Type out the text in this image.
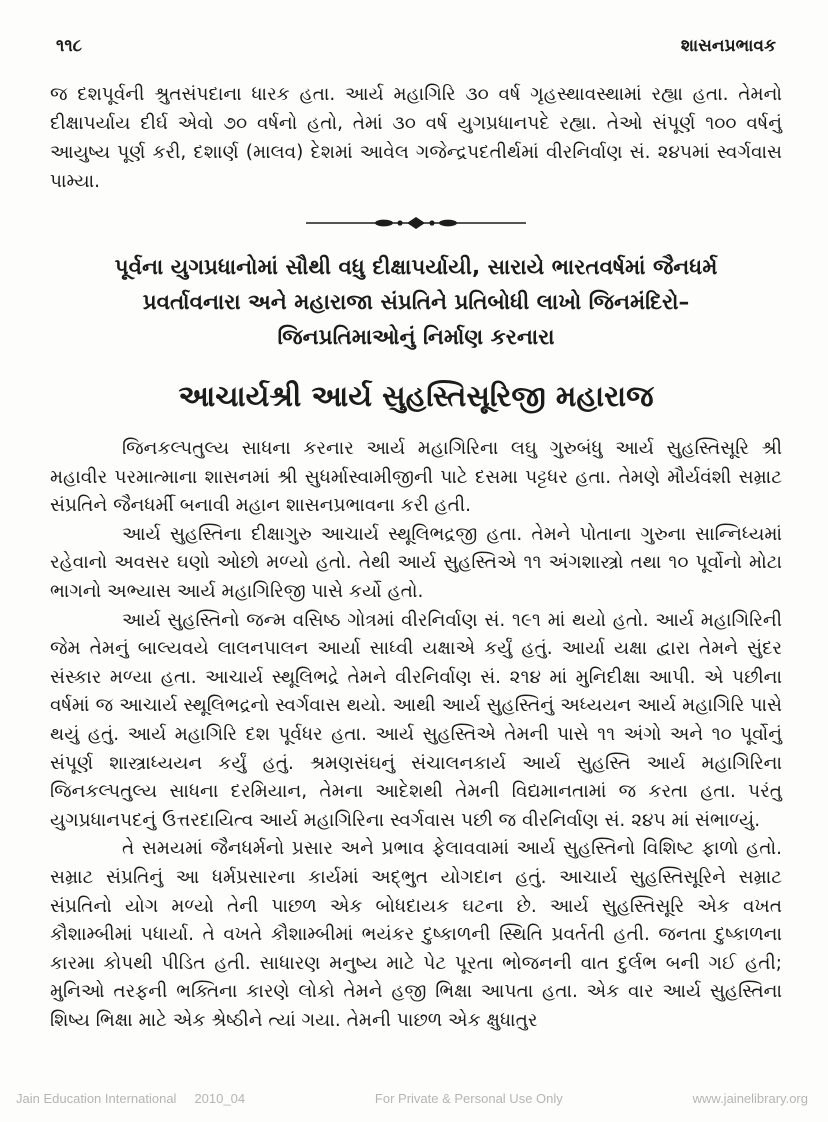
૧૧૮	શાસનપ્રભાવક

જ દશપૂર્વની શ્રુતસંપદાના ધારક હતા. આર્ય મહાગિરિ ૩૦ વર્ષ ગૃહસ્થાવસ્થામાં રહ્યા હતા. તેમનો દીક્ષાપર્યાય દીર્ઘ એવો ૭૦ વર્ષનો હતો, તેમાં ૩૦ વર્ષ યુગપ્રધાનપદે રહ્યા. તેઓ સંપૂર્ણ ૧૦૦ વર્ષનું આયુષ્ય પૂર્ણ કરી, દશાર્ણ (માલવ) દેશમાં આવેલ ગજેન્દ્રપદતીર્થમાં વીરનિર્વાણ સં. ૨૪૫માં સ્વર્ગવાસ પામ્યા.

પૂર્વના યુગપ્રધાનોમાં સૌથી વધુ દીક્ષાપર્યાયી, સારાયે ભારતવર્ષમાં જૈનધર્મ
પ્રવર્તાવનારા અને મહારાજા સંપ્રતિને પ્રતિબોધી લાખો જિનમંદિરો–
જિનપ્રતિમાઓનું નિર્માણ કરનારા
આચાર્યશ્રી આર્ય સુહસ્તિસૂરિજી મહારાજ

જિનકલ્પતુલ્ય સાધના કરનાર આર્ય મહાગિરિના લઘુ ગુરુબંધુ આર્ય સુહસ્તિસૂરિ શ્રી મહાવીર પરમાત્માના શાસનમાં શ્રી સુધર્માસ્વામીજીની પાટે દસમા પટ્ટધર હતા. તેમણે મૌર્યવંશી સમ્રાટ સંપ્રતિને જૈનધર્મી બનાવી મહાન શાસનપ્રભાવના કરી હતી.

આર્ય સુહસ્તિના દીક્ષાગુરુ આચાર્ય સ્થૂલિભદ્રજી હતા. તેમને પોતાના ગુરુના સાન્નિધ્યમાં રહેવાનો અવસર ઘણો ઓછો મળ્યો હતો. તેથી આર્ય સુહસ્તિએ ૧૧ અંગશાસ્ત્રો તથા ૧૦ પૂર્વોનો મોટા ભાગનો અભ્યાસ આર્ય મહાગિરિજી પાસે કર્યો હતો.

આર્ય સુહસ્તિનો જન્મ વસિષ્ઠ ગોત્રમાં વીરનિર્વાણ સં. ૧૯૧ માં થયો હતો. આર્ય મહાગિરિની જેમ તેમનું બાલ્યવયે લાલનપાલન આર્યા સાધ્વી યક્ષાએ કર્યું હતું. આર્યા યક્ષા દ્વારા તેમને સુંદર સંસ્કાર મળ્યા હતા. આચાર્ય સ્થૂલિભદ્રે તેમને વીરનિર્વાણ સં. ૨૧૪ માં મુનિદીક્ષા આપી. એ પછીના વર્ષમાં જ આચાર્ય સ્થૂલિભદ્રનો સ્વર્ગવાસ થયો. આથી આર્ય સુહસ્તિનું અધ્યયન આર્ય મહાગિરિ પાસે થયું હતું. આર્ય મહાગિરિ દશ પૂર્વધર હતા. આર્ય સુહસ્તિએ તેમની પાસે ૧૧ અંગો અને ૧૦ પૂર્વોનું સંપૂર્ણ શાસ્ત્રાધ્યયન કર્યું હતું. શ્રમણસંઘનું સંચાલનકાર્ય આર્ય સુહસ્તિ આર્ય મહાગિરિના જિનકલ્પતુલ્ય સાધના દરમિયાન, તેમના આદેશથી તેમની વિદ્યમાનતામાં જ કરતા હતા. પરંતુ યુગપ્રધાનપદનું ઉત્તરદાયિત્વ આર્ય મહાગિરિના સ્વર્ગવાસ પછી જ વીરનિર્વાણ સં. ૨૪૫ માં સંભાળ્યું.

તે સમયમાં જૈનધર્મનો પ્રસાર અને પ્રભાવ ફેલાવવામાં આર્ય સુહસ્તિનો વિશિષ્ટ ફાળો હતો. સમ્રાટ સંપ્રતિનું આ ધર્મપ્રસારના કાર્યમાં અદ્ભુત યોગદાન હતું. આચાર્ય સુહસ્તિસૂરિને સમ્રાટ સંપ્રતિનો યોગ મળ્યો તેની પાછળ એક બોધદાયક ઘટના છે. આર્ય સુહસ્તિસૂરિ એક વખત કૌશામ્બીમાં પધાર્યા. તે વખતે કૌશામ્બીમાં ભયંકર દુષ્કાળની સ્થિતિ પ્રવર્તતી હતી. જનતા દુષ્કાળના કારમા કોપથી પીડિત હતી. સાધારણ મનુષ્ય માટે પેટ પૂરતા ભોજનની વાત દુર્લભ બની ગઈ હતી; મુનિઓ તરફની ભક્તિના કારણે લોકો તેમને હજી ભિક્ષા આપતા હતા. એક વાર આર્ય સુહસ્તિના શિષ્ય ભિક્ષા માટે એક શ્રેષ્ઠીને ત્યાં ગયા. તેમની પાછળ એક ક્ષુધાતુર

Jain Education International 2010_04	For Private & Personal Use Only	www.jainelibrary.org
